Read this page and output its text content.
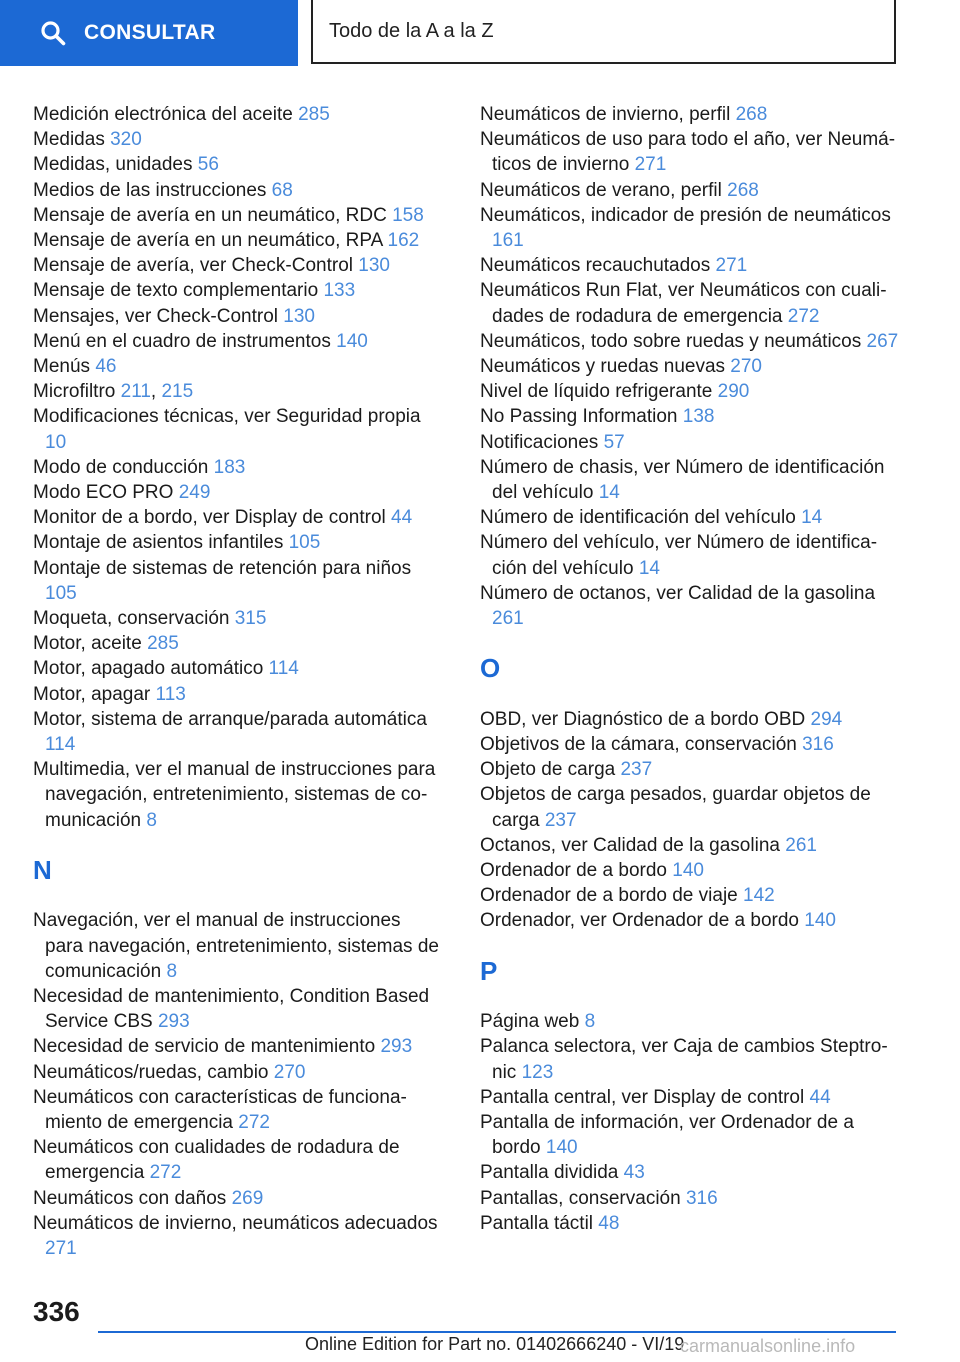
CONSULTAR	Todo de la A a la Z
Medición electrónica del aceite 285
Medidas 320
Medidas, unidades 56
Medios de las instrucciones 68
Mensaje de avería en un neumático, RDC 158
Mensaje de avería en un neumático, RPA 162
Mensaje de avería, ver Check-Control 130
Mensaje de texto complementario 133
Mensajes, ver Check-Control 130
Menú en el cuadro de instrumentos 140
Menús 46
Microfiltro 211, 215
Modificaciones técnicas, ver Seguridad propia 10
Modo de conducción 183
Modo ECO PRO 249
Monitor de a bordo, ver Display de control 44
Montaje de asientos infantiles 105
Montaje de sistemas de retención para niños 105
Moqueta, conservación 315
Motor, aceite 285
Motor, apagado automático 114
Motor, apagar 113
Motor, sistema de arranque/parada automática 114
Multimedia, ver el manual de instrucciones para navegación, entretenimiento, sistemas de comunicación 8
N
Navegación, ver el manual de instrucciones para navegación, entretenimiento, sistemas de comunicación 8
Necesidad de mantenimiento, Condition Based Service CBS 293
Necesidad de servicio de mantenimiento 293
Neumáticos/ruedas, cambio 270
Neumáticos con características de funcionamiento de emergencia 272
Neumáticos con cualidades de rodadura de emergencia 272
Neumáticos con daños 269
Neumáticos de invierno, neumáticos adecuados 271
Neumáticos de invierno, perfil 268
Neumáticos de uso para todo el año, ver Neumáticos de invierno 271
Neumáticos de verano, perfil 268
Neumáticos, indicador de presión de neumáticos 161
Neumáticos recauchutados 271
Neumáticos Run Flat, ver Neumáticos con cualidades de rodadura de emergencia 272
Neumáticos, todo sobre ruedas y neumáticos 267
Neumáticos y ruedas nuevas 270
Nivel de líquido refrigerante 290
No Passing Information 138
Notificaciones 57
Número de chasis, ver Número de identificación del vehículo 14
Número de identificación del vehículo 14
Número del vehículo, ver Número de identificación del vehículo 14
Número de octanos, ver Calidad de la gasolina 261
O
OBD, ver Diagnóstico de a bordo OBD 294
Objetivos de la cámara, conservación 316
Objeto de carga 237
Objetos de carga pesados, guardar objetos de carga 237
Octanos, ver Calidad de la gasolina 261
Ordenador de a bordo 140
Ordenador de a bordo de viaje 142
Ordenador, ver Ordenador de a bordo 140
P
Página web 8
Palanca selectora, ver Caja de cambios Steptronic 123
Pantalla central, ver Display de control 44
Pantalla de información, ver Ordenador de a bordo 140
Pantalla dividida 43
Pantallas, conservación 316
Pantalla táctil 48
336
Online Edition for Part no. 01402666240 - VI/19
carmanualsonline.info
